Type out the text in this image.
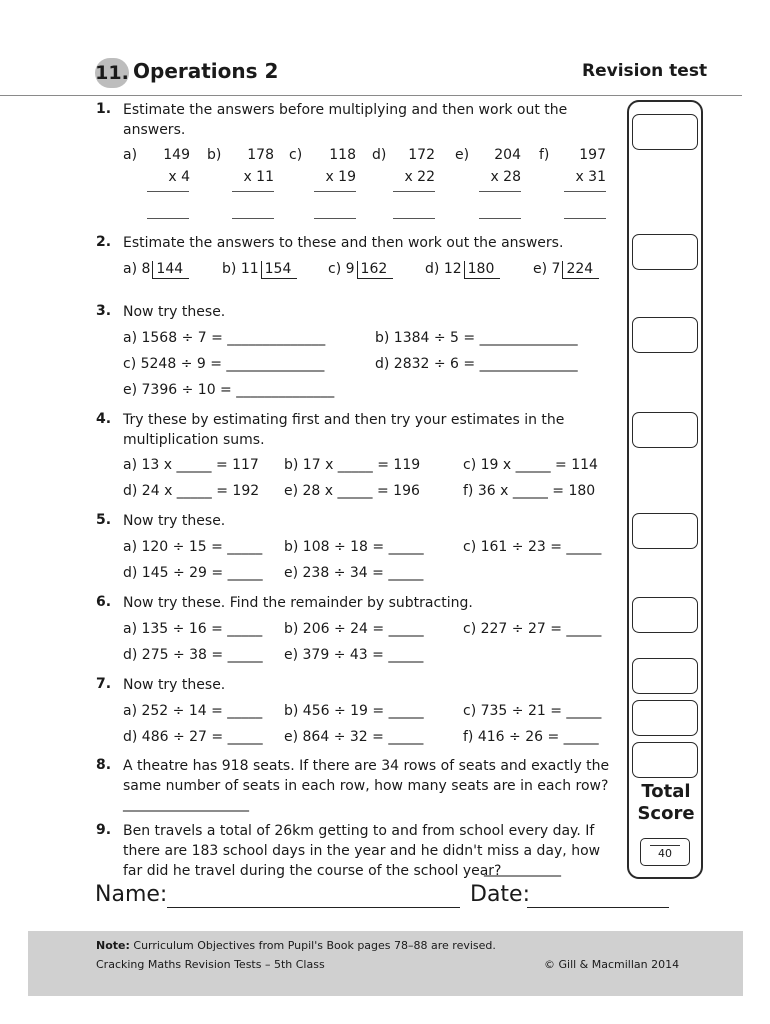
11. Operations 2	Revision test
Total
Score
40
1. Estimate the answers before multiplying and then work out the answers.
a)	149
x 4
b)	178
x 11
c)	118
x 19
d)	172
x 22
e)	204
x 28
f)	197
x 31
2. Estimate the answers to these and then work out the answers.
a) 8 144	b) 11 154	c) 9 162	d) 12 180	e) 7 224
3. Now try these.
a) 1568 ÷ 7 = ______________	b) 1384 ÷ 5 = ______________
c) 5248 ÷ 9 = ______________	d) 2832 ÷ 6 = ______________
e) 7396 ÷ 10 = ______________
4. Try these by estimating first and then try your estimates in the multiplication sums.
a) 13 x _____ = 117 b) 17 x _____ = 119	c) 19 x _____ = 114
d) 24 x _____ = 192 e) 28 x _____ = 196	f) 36 x _____ = 180
5. Now try these.
a) 120 ÷ 15 = _____ b) 108 ÷ 18 = _____	c) 161 ÷ 23 = _____
d) 145 ÷ 29 = _____ e) 238 ÷ 34 = _____
6. Now try these. Find the remainder by subtracting.
a) 135 ÷ 16 = _____ b) 206 ÷ 24 = _____	c) 227 ÷ 27 = _____
d) 275 ÷ 38 = _____ e) 379 ÷ 43 = _____
7. Now try these.
a) 252 ÷ 14 = _____ b) 456 ÷ 19 = _____	c) 735 ÷ 21 = _____
d) 486 ÷ 27 = _____ e) 864 ÷ 32 = _____	f) 416 ÷ 26 = _____
8. A theatre has 918 seats. If there are 34 rows of seats and exactly the same number of seats in each row, how many seats are in each row?
__________________
9. Ben travels a total of 26km getting to and from school every day. If there are 183 school days in the year and he didn't miss a day, how far did he travel during the course of the school year?
___________
Name:	Date:
Note: Curriculum Objectives from Pupil's Book pages 78–88 are revised.
Cracking Maths Revision Tests – 5th Class	© Gill & Macmillan 2014
